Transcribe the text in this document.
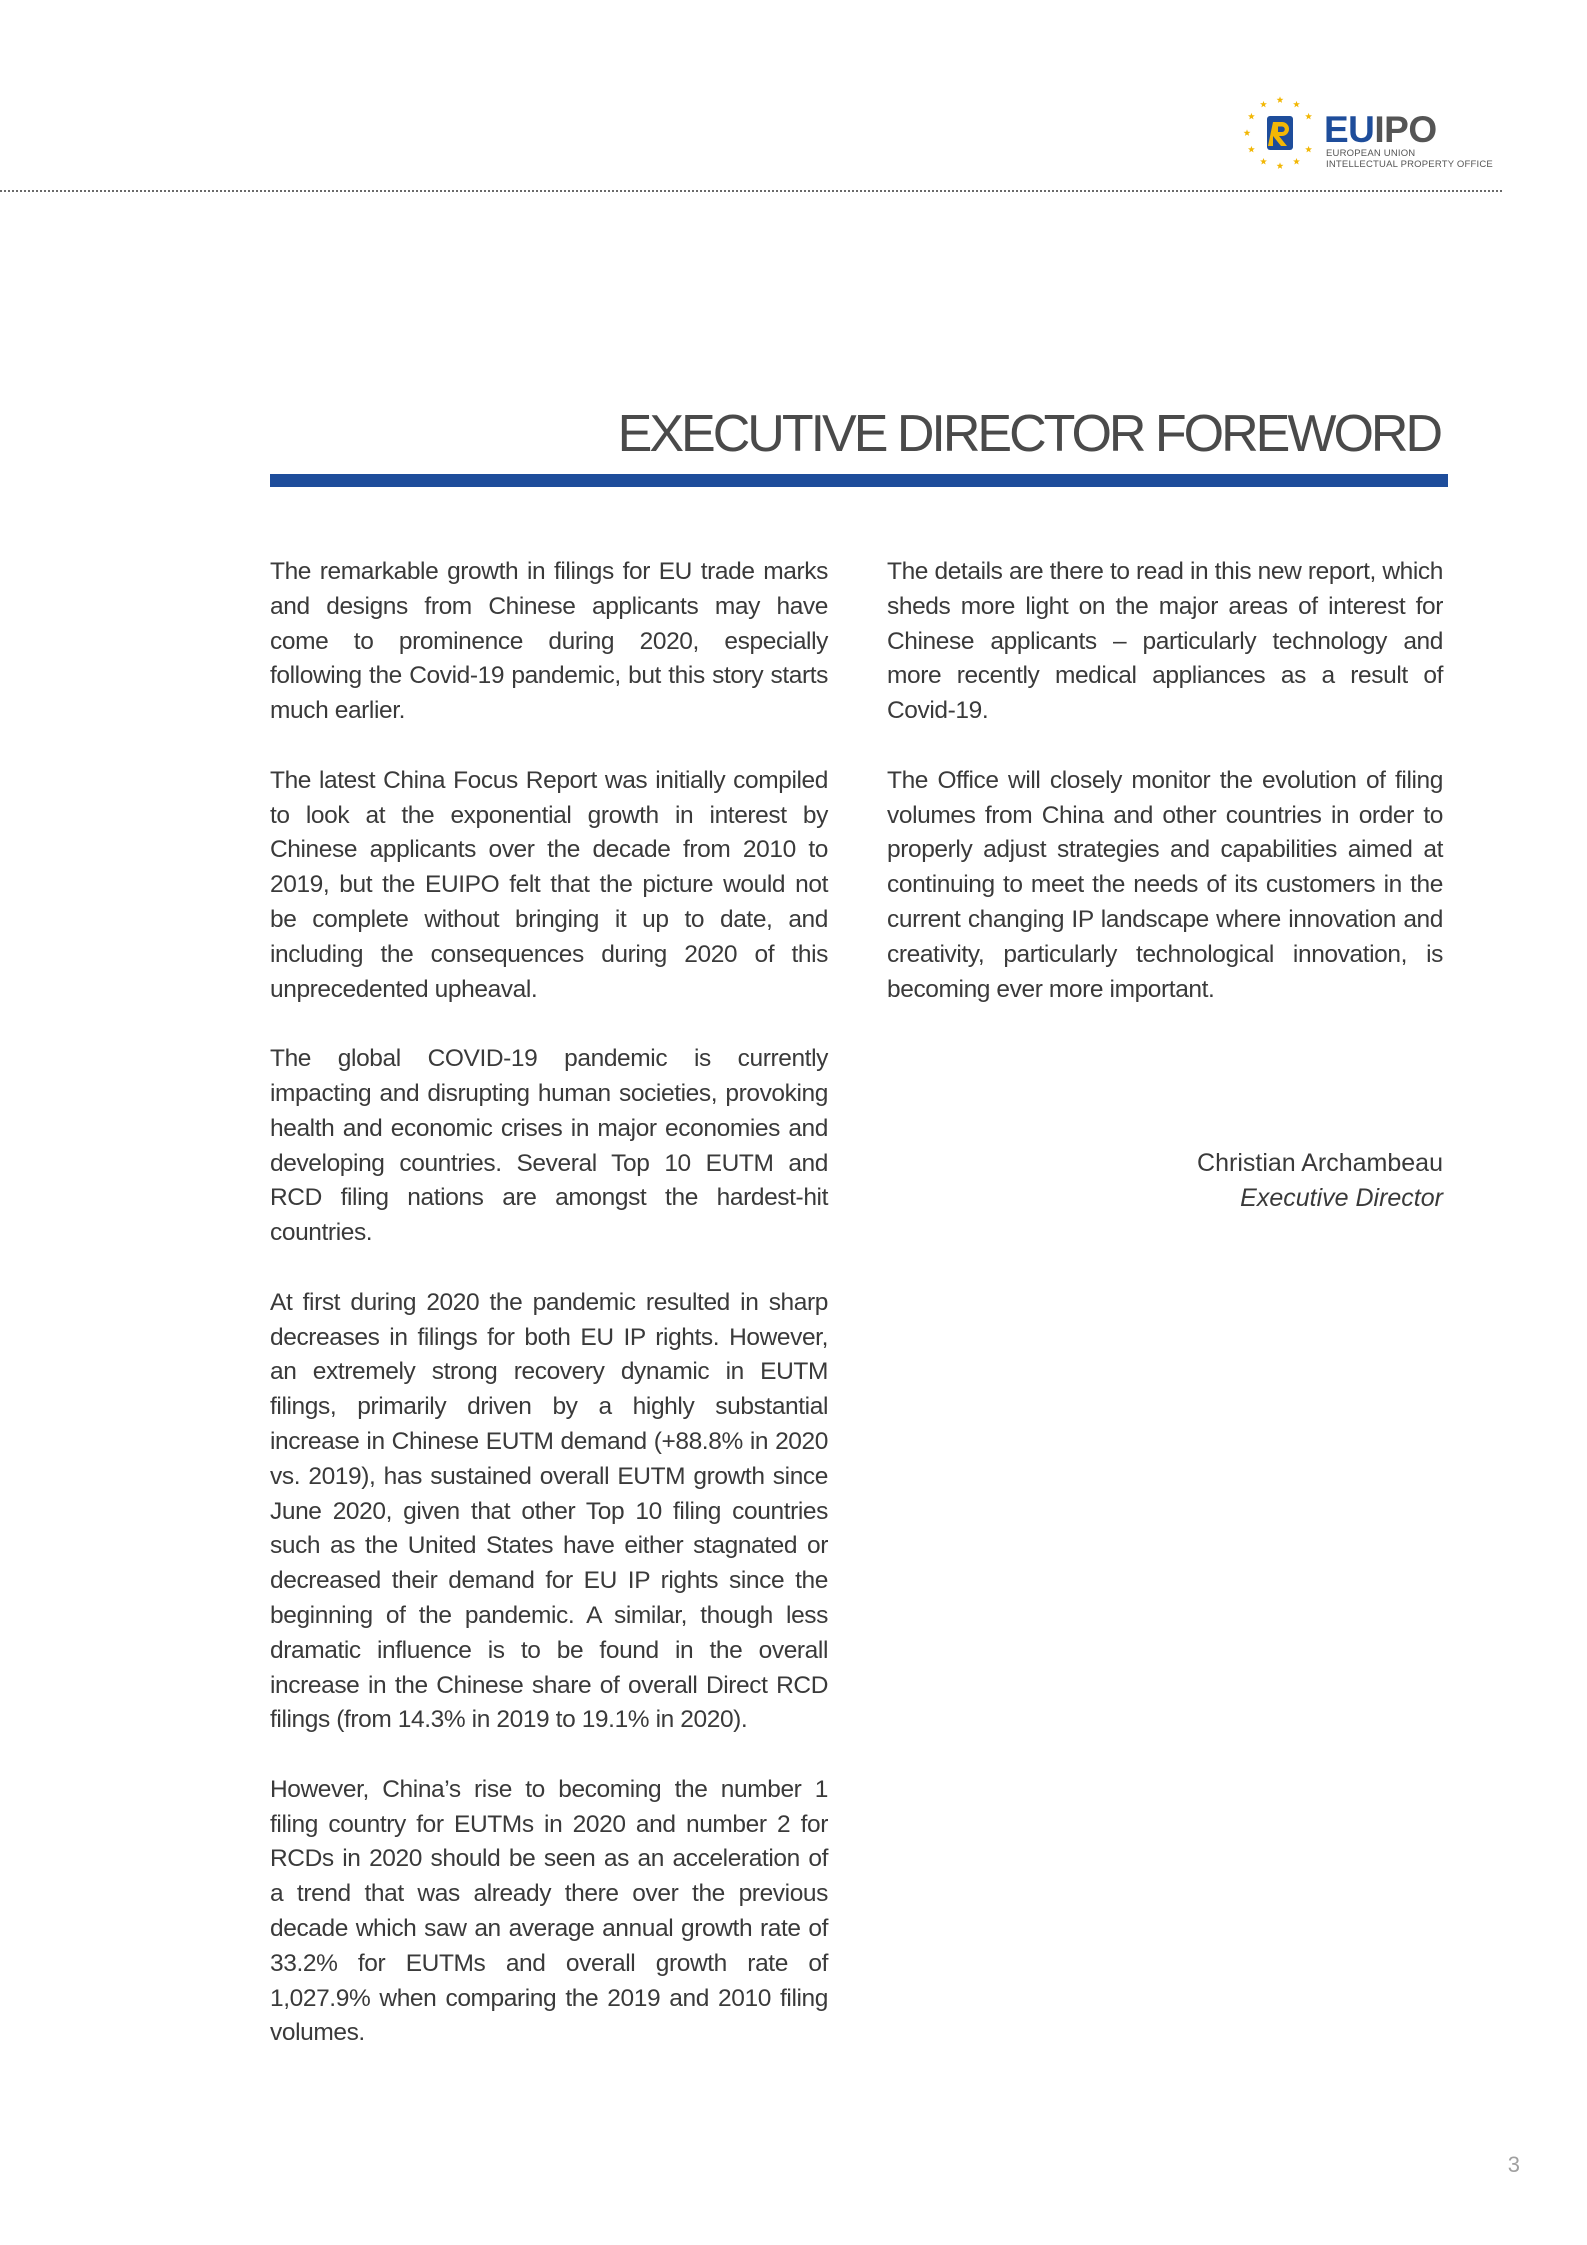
EUIPO
EUROPEAN UNION
INTELLECTUAL PROPERTY OFFICE
EXECUTIVE DIRECTOR FOREWORD

The remarkable growth in filings for EU trade marks and designs from Chinese applicants may have come to prominence during 2020, especially following the Covid-19 pandemic, but this story starts much earlier.

The latest China Focus Report was initially compiled to look at the exponential growth in interest by Chinese applicants over the decade from 2010 to 2019, but the EUIPO felt that the picture would not be complete without bringing it up to date, and including the consequences during 2020 of this unprecedented upheaval.

The global COVID-19 pandemic is currently impacting and disrupting human societies, provoking health and economic crises in major economies and developing countries. Several Top 10 EUTM and RCD filing nations are amongst the hardest-hit countries.

At first during 2020 the pandemic resulted in sharp decreases in filings for both EU IP rights. However, an extremely strong recovery dynamic in EUTM filings, primarily driven by a highly substantial increase in Chinese EUTM demand (+88.8% in 2020 vs. 2019), has sustained overall EUTM growth since June 2020, given that other Top 10 filing countries such as the United States have either stagnated or decreased their demand for EU IP rights since the beginning of the pandemic. A similar, though less dramatic influence is to be found in the overall increase in the Chinese share of overall Direct RCD filings (from 14.3% in 2019 to 19.1% in 2020).

However, China’s rise to becoming the number 1 filing country for EUTMs in 2020 and number 2 for RCDs in 2020 should be seen as an acceleration of a trend that was already there over the previous decade which saw an average annual growth rate of 33.2% for EUTMs and overall growth rate of 1,027.9% when comparing the 2019 and 2010 filing volumes.

The details are there to read in this new report, which sheds more light on the major areas of interest for Chinese applicants – particularly technology and more recently medical appliances as a result of Covid-19.

The Office will closely monitor the evolution of filing volumes from China and other countries in order to properly adjust strategies and capabilities aimed at continuing to meet the needs of its customers in the current changing IP landscape where innovation and creativity, particularly technological innovation, is becoming ever more important.

Christian Archambeau
Executive Director
3
